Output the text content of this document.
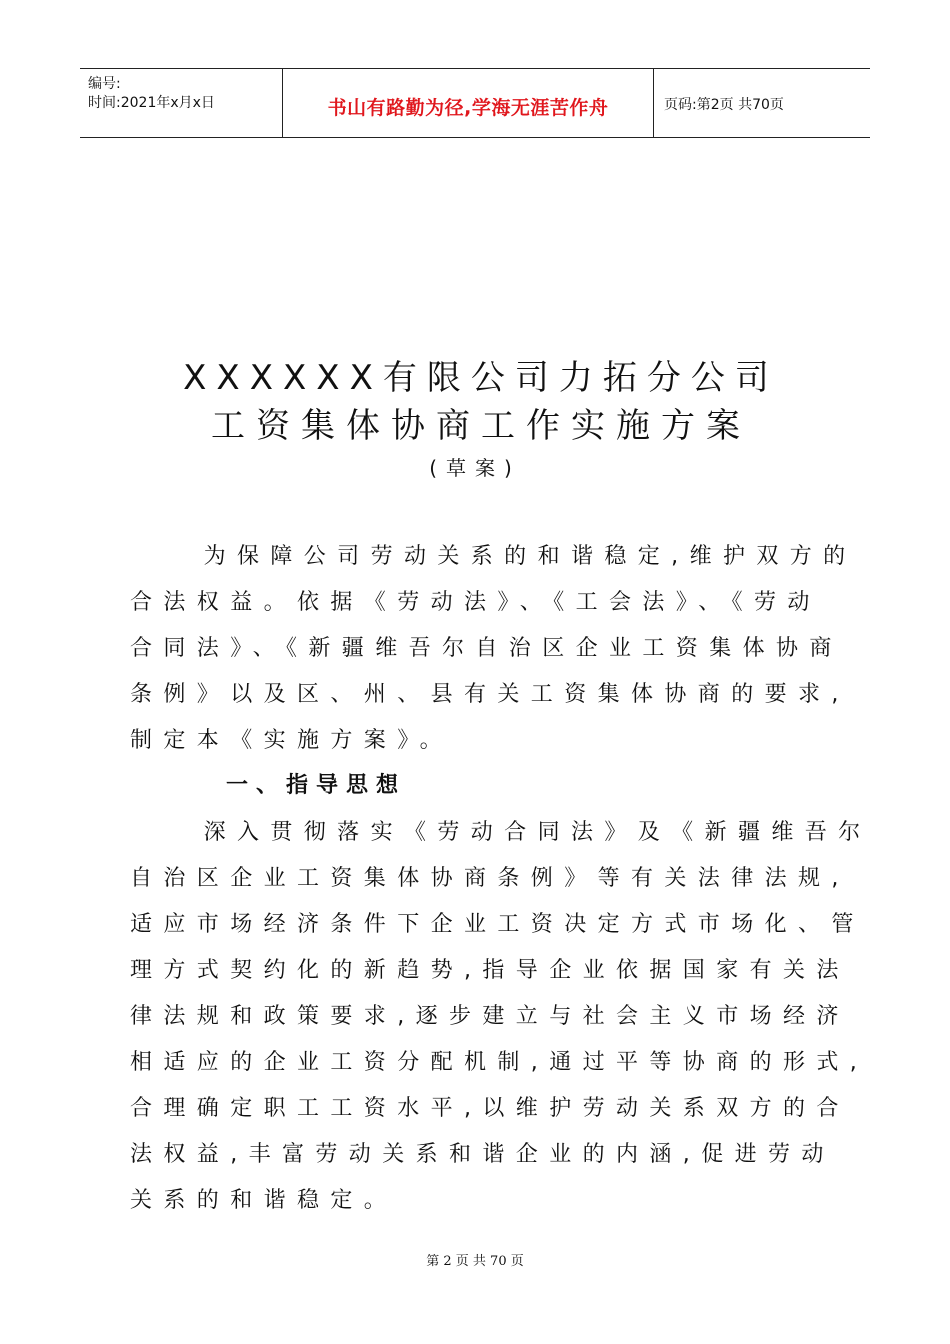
编号:
时间:2021年x月x日	书山有路勤为径,学海无涯苦作舟	页码:第2页 共70页
XXXXXX有限公司力拓分公司
工资集体协商工作实施方案
(草案)
为保障公司劳动关系的和谐稳定,维护双方的
合法权益。依据《劳动法》、《工会法》、《劳动
合同法》、《新疆维吾尔自治区企业工资集体协商
条例》以及区、州、县有关工资集体协商的要求,
制定本《实施方案》。
一、指导思想
深入贯彻落实《劳动合同法》及《新疆维吾尔
自治区企业工资集体协商条例》等有关法律法规,
适应市场经济条件下企业工资决定方式市场化、管
理方式契约化的新趋势,指导企业依据国家有关法
律法规和政策要求,逐步建立与社会主义市场经济
相适应的企业工资分配机制,通过平等协商的形式,
合理确定职工工资水平,以维护劳动关系双方的合
法权益,丰富劳动关系和谐企业的内涵,促进劳动
关系的和谐稳定。
第 2 页 共 70 页
